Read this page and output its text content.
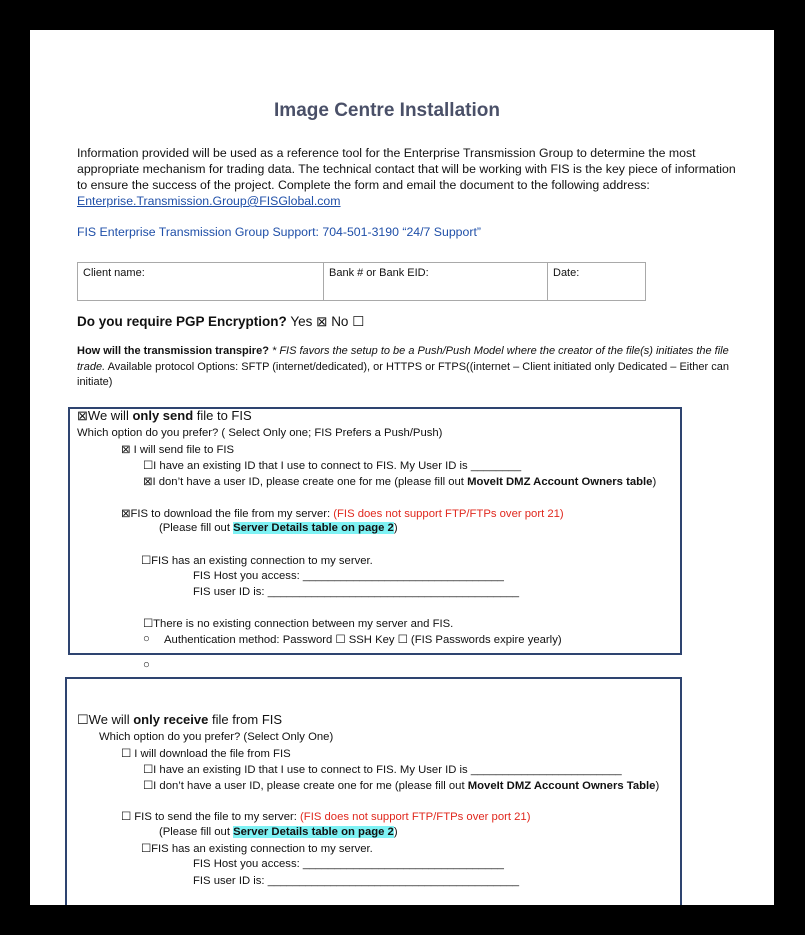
Image Centre Installation
Information provided will be used as a reference tool for the Enterprise Transmission Group to determine the most appropriate mechanism for trading data. The technical contact that will be working with FIS is the key piece of information to ensure the success of the project. Complete the form and email the document to the following address:
Enterprise.Transmission.Group@FISGlobal.com
FIS Enterprise Transmission Group Support: 704-501-3190 “24/7 Support”
Client name:	Bank # or Bank EID:	Date:
Do you require PGP Encryption? Yes ⊠ No ☐
How will the transmission transpire? * FIS favors the setup to be a Push/Push Model where the creator of the file(s) initiates the file trade. Available protocol Options: SFTP (internet/dedicated), or HTTPS or FTPS((internet – Client initiated only Dedicated – Either can initiate)
⊠We will only send file to FIS
Which option do you prefer? ( Select Only one; FIS Prefers a Push/Push)
⊠ I will send file to FIS
☐I have an existing ID that I use to connect to FIS. My User ID is ________
⊠I don’t have a user ID, please create one for me (please fill out MoveIt DMZ Account Owners table)
⊠FIS to download the file from my server: (FIS does not support FTP/FTPs over port 21)
(Please fill out Server Details table on page 2)
☐FIS has an existing connection to my server.
FIS Host you access: ________________________________
FIS user ID is: ________________________________________
☐There is no existing connection between my server and FIS.
○ Authentication method: Password ☐ SSH Key ☐ (FIS Passwords expire yearly)
○
☐We will only receive file from FIS
Which option do you prefer? (Select Only One)
☐ I will download the file from FIS
☐I have an existing ID that I use to connect to FIS. My User ID is ________________________
☐I don’t have a user ID, please create one for me (please fill out MoveIt DMZ Account Owners Table)
☐ FIS to send the file to my server: (FIS does not support FTP/FTPs over port 21)
(Please fill out Server Details table on page 2)
☐FIS has an existing connection to my server.
FIS Host you access: ________________________________
FIS user ID is: ________________________________________
